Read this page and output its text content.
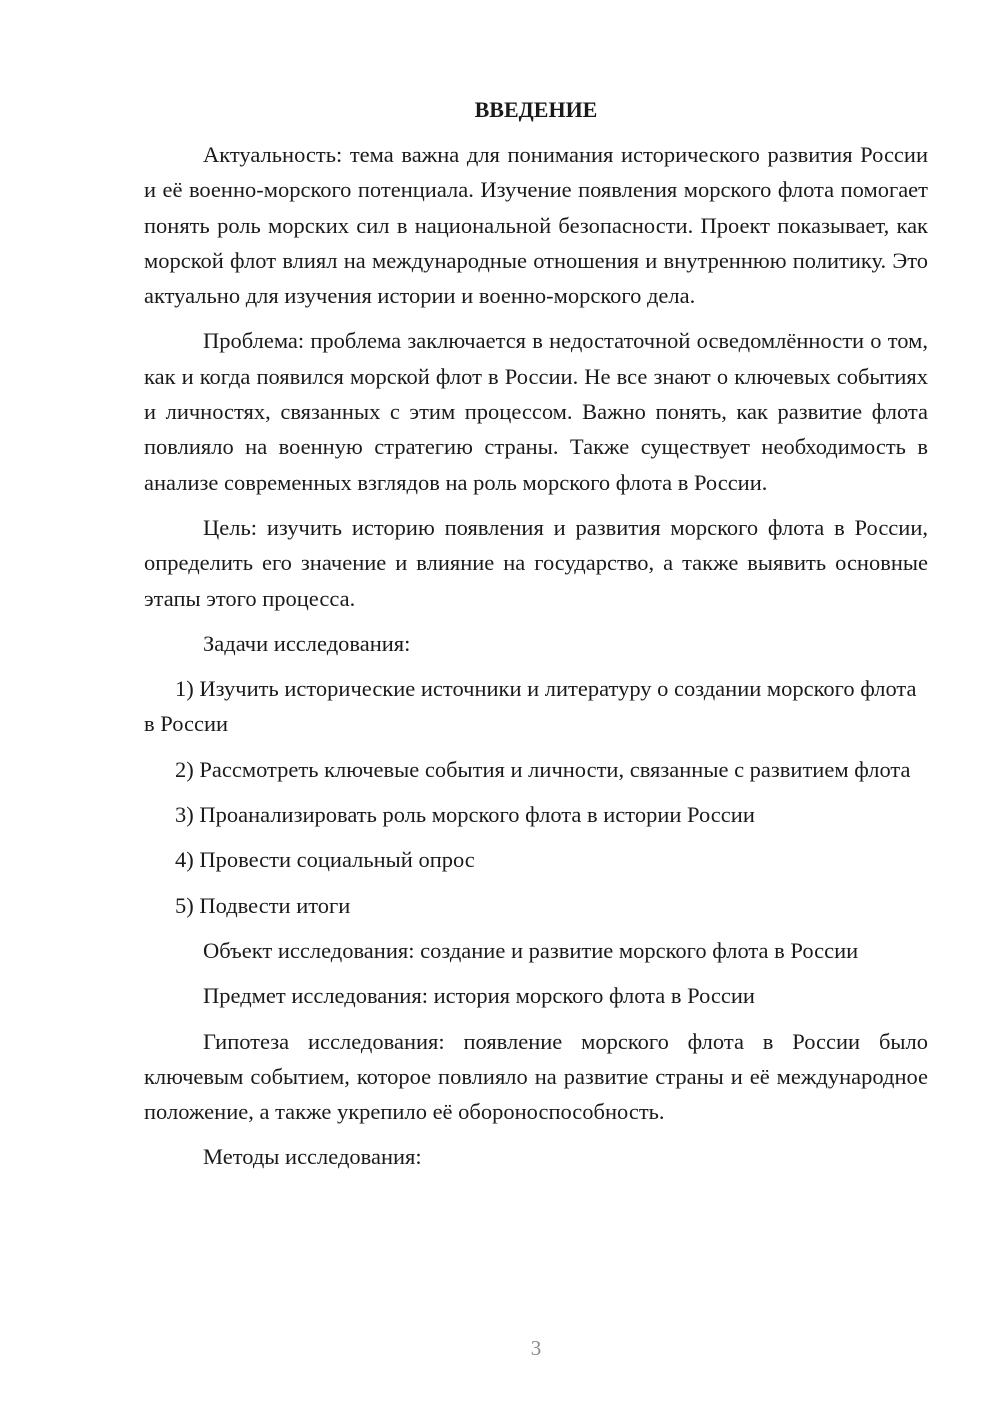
ВВЕДЕНИЕ

Актуальность: тема важна для понимания исторического развития России и её военно-морского потенциала. Изучение появления морского флота помогает понять роль морских сил в национальной безопасности. Проект показывает, как морской флот влиял на международные отношения и внутреннюю политику. Это актуально для изучения истории и военно-морского дела.

Проблема: проблема заключается в недостаточной осведомлённости о том, как и когда появился морской флот в России. Не все знают о ключевых событиях и личностях, связанных с этим процессом. Важно понять, как развитие флота повлияло на военную стратегию страны. Также существует необходимость в анализе современных взглядов на роль морского флота в России.

Цель: изучить историю появления и развития морского флота в России, определить его значение и влияние на государство, а также выявить основные этапы этого процесса.

Задачи исследования:

1) Изучить исторические источники и литературу о создании морского флота в России

2) Рассмотреть ключевые события и личности, связанные с развитием флота

3) Проанализировать роль морского флота в истории России

4) Провести социальный опрос

5) Подвести итоги

Объект исследования: создание и развитие морского флота в России

Предмет исследования: история морского флота в России

Гипотеза исследования: появление морского флота в России было ключевым событием, которое повлияло на развитие страны и её международное положение, а также укрепило её обороноспособность.

Методы исследования:

3
